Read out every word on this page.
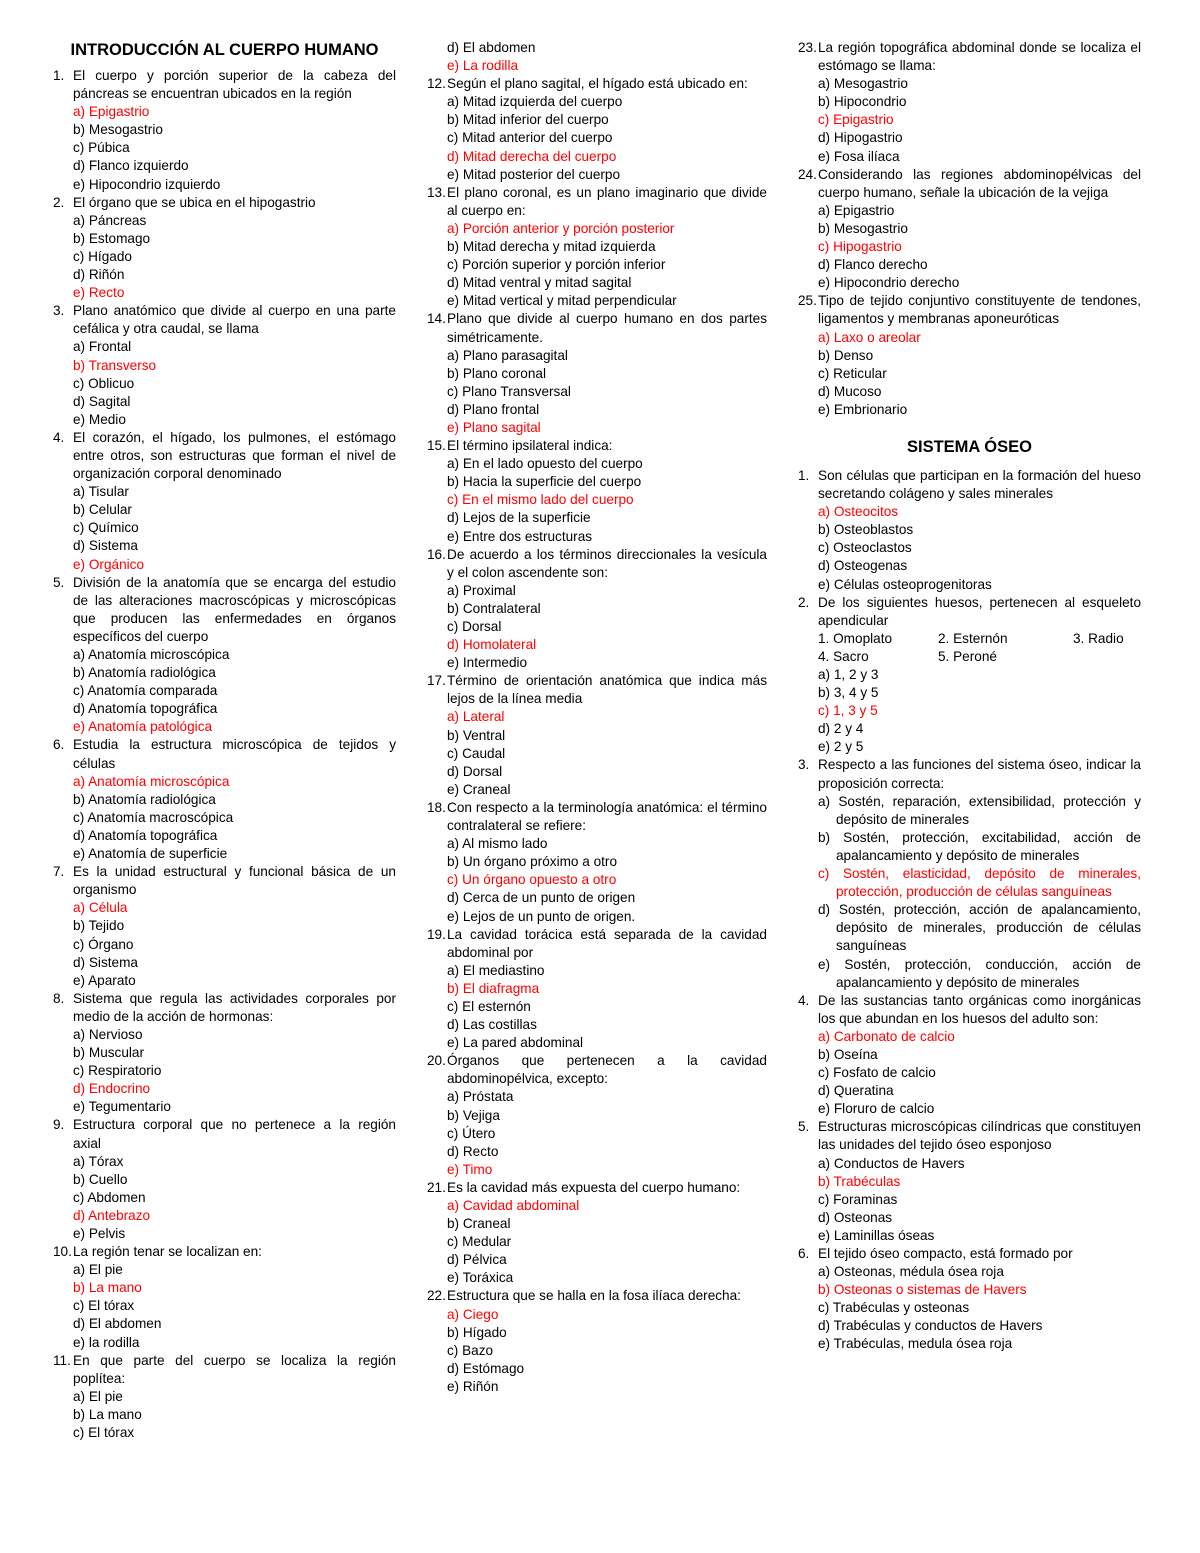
INTRODUCCIÓN AL CUERPO HUMANO
1. El cuerpo y porción superior de la cabeza del páncreas se encuentran ubicados en la región
a) Epigastrio
b) Mesogastrio
c) Púbica
d) Flanco izquierdo
e) Hipocondrio izquierdo
2. El órgano que se ubica en el hipogastrio
a) Páncreas
b) Estomago
c) Hígado
d) Riñón
e) Recto
3. Plano anatómico que divide al cuerpo en una parte cefálica y otra caudal, se llama
a) Frontal
b) Transverso
c) Oblicuo
d) Sagital
e) Medio
4. El corazón, el hígado, los pulmones, el estómago entre otros, son estructuras que forman el nivel de organización corporal denominado
a) Tisular
b) Celular
c) Químico
d) Sistema
e) Orgánico
5. División de la anatomía que se encarga del estudio de las alteraciones macroscópicas y microscópicas que producen las enfermedades en órganos específicos del cuerpo
a) Anatomía microscópica
b) Anatomía radiológica
c) Anatomía comparada
d) Anatomía topográfica
e) Anatomía patológica
6. Estudia la estructura microscópica de tejidos y células
a) Anatomía microscópica
b) Anatomía radiológica
c) Anatomía macroscópica
d) Anatomía topográfica
e) Anatomía de superficie
7. Es la unidad estructural y funcional básica de un organismo
a) Célula
b) Tejido
c) Órgano
d) Sistema
e) Aparato
8. Sistema que regula las actividades corporales por medio de la acción de hormonas:
a) Nervioso
b) Muscular
c) Respiratorio
d) Endocrino
e) Tegumentario
9. Estructura corporal que no pertenece a la región axial
a) Tórax
b) Cuello
c) Abdomen
d) Antebrazo
e) Pelvis
10. La región tenar se localizan en:
a) El pie
b) La mano
c) El tórax
d) El abdomen
e) la rodilla
11. En que parte del cuerpo se localiza la región poplítea:
a) El pie
b) La mano
c) El tórax
d) El abdomen
e) La rodilla
12. Según el plano sagital, el hígado está ubicado en:
a) Mitad izquierda del cuerpo
b) Mitad inferior del cuerpo
c) Mitad anterior del cuerpo
d) Mitad derecha del cuerpo
e) Mitad posterior del cuerpo
13. El plano coronal, es un plano imaginario que divide al cuerpo en:
a) Porción anterior y porción posterior
b) Mitad derecha y mitad izquierda
c) Porción superior y porción inferior
d) Mitad ventral y mitad sagital
e) Mitad vertical y mitad perpendicular
14. Plano que divide al cuerpo humano en dos partes simétricamente.
a) Plano parasagital
b) Plano coronal
c) Plano Transversal
d) Plano frontal
e) Plano sagital
15. El término ipsilateral indica:
a) En el lado opuesto del cuerpo
b) Hacia la superficie del cuerpo
c) En el mismo lado del cuerpo
d) Lejos de la superficie
e) Entre dos estructuras
16. De acuerdo a los términos direccionales la vesícula y el colon ascendente son:
a) Proximal
b) Contralateral
c) Dorsal
d) Homolateral
e) Intermedio
17. Término de orientación anatómica que indica más lejos de la línea media
a) Lateral
b) Ventral
c) Caudal
d) Dorsal
e) Craneal
18. Con respecto a la terminología anatómica: el término contralateral se refiere:
a) Al mismo lado
b) Un órgano próximo a otro
c) Un órgano opuesto a otro
d) Cerca de un punto de origen
e) Lejos de un punto de origen.
19. La cavidad torácica está separada de la cavidad abdominal por
a) El mediastino
b) El diafragma
c) El esternón
d) Las costillas
e) La pared abdominal
20. Órganos que pertenecen a la cavidad abdominopélvica, excepto:
a) Próstata
b) Vejiga
c) Útero
d) Recto
e) Timo
21. Es la cavidad más expuesta del cuerpo humano:
a) Cavidad abdominal
b) Craneal
c) Medular
d) Pélvica
e) Toráxica
22. Estructura que se halla en la fosa ilíaca derecha:
a) Ciego
b) Hígado
c) Bazo
d) Estómago
e) Riñón
23. La región topográfica abdominal donde se localiza el estómago se llama:
a) Mesogastrio
b) Hipocondrio
c) Epigastrio
d) Hipogastrio
e) Fosa ilíaca
24. Considerando las regiones abdominopélvicas del cuerpo humano, señale la ubicación de la vejiga
a) Epigastrio
b) Mesogastrio
c) Hipogastrio
d) Flanco derecho
e) Hipocondrio derecho
25. Tipo de tejido conjuntivo constituyente de tendones, ligamentos y membranas aponeuróticas
a) Laxo o areolar
b) Denso
c) Reticular
d) Mucoso
e) Embrionario
SISTEMA ÓSEO
1. Son células que participan en la formación del hueso secretando colágeno y sales minerales
a) Osteocitos
b) Osteoblastos
c) Osteoclastos
d) Osteogenas
e) Células osteoprogenitoras
2. De los siguientes huesos, pertenecen al esqueleto apendicular
1. Omoplato	2. Esternón	3. Radio
4. Sacro	5. Peroné
a) 1, 2 y 3
b) 3, 4 y 5
c) 1, 3 y 5
d) 2 y 4
e) 2 y 5
3. Respecto a las funciones del sistema óseo, indicar la proposición correcta:
a) Sostén, reparación, extensibilidad, protección y depósito de minerales
b) Sostén, protección, excitabilidad, acción de apalancamiento y depósito de minerales
c) Sostén, elasticidad, depósito de minerales, protección, producción de células sanguíneas
d) Sostén, protección, acción de apalancamiento, depósito de minerales, producción de células sanguíneas
e) Sostén, protección, conducción, acción de apalancamiento y depósito de minerales
4. De las sustancias tanto orgánicas como inorgánicas los que abundan en los huesos del adulto son:
a) Carbonato de calcio
b) Oseína
c) Fosfato de calcio
d) Queratina
e) Floruro de calcio
5. Estructuras microscópicas cilíndricas que constituyen las unidades del tejido óseo esponjoso
a) Conductos de Havers
b) Trabéculas
c) Foraminas
d) Osteonas
e) Laminillas óseas
6. El tejido óseo compacto, está formado por
a) Osteonas, médula ósea roja
b) Osteonas o sistemas de Havers
c) Trabéculas y osteonas
d) Trabéculas y conductos de Havers
e) Trabéculas, medula ósea roja
